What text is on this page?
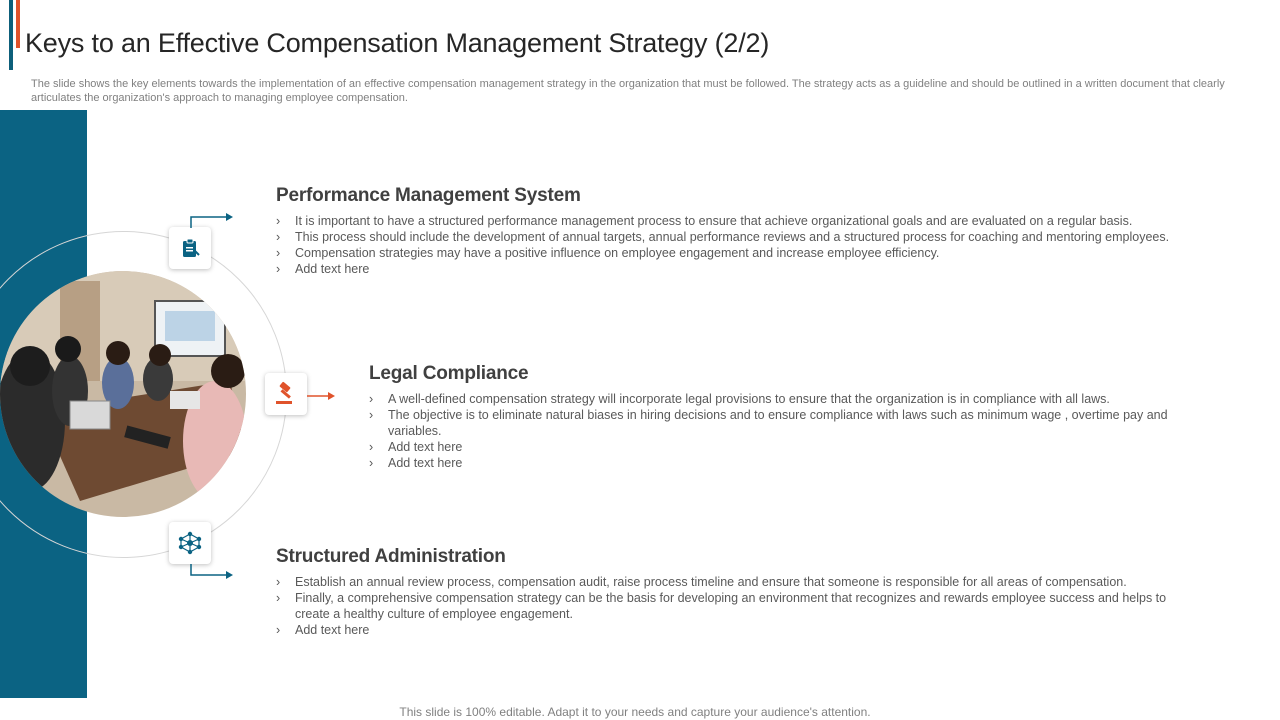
Keys to an Effective Compensation Management Strategy (2/2)
The slide shows the key elements towards the implementation of an effective compensation management strategy in the organization that must be followed. The strategy acts as a guideline and should be outlined in a written document that clearly articulates the organization's approach to managing employee compensation.
Performance Management System
› It is important to have a structured performance management process to ensure that achieve organizational goals and are evaluated on a regular basis.
› This process should include the development of annual targets, annual performance reviews and a structured process for coaching and mentoring employees.
› Compensation strategies may have a positive influence on employee engagement and increase employee efficiency.
› Add text here
Legal Compliance
› A well-defined compensation strategy will incorporate legal provisions to ensure that the organization is in compliance with all laws.
› The objective is to eliminate natural biases in hiring decisions and to ensure compliance with laws such as minimum wage , overtime pay and variables.
› Add text here
› Add text here
Structured Administration
› Establish an annual review process, compensation audit, raise process timeline and ensure that someone is responsible for all areas of compensation.
› Finally, a comprehensive compensation strategy can be the basis for developing an environment that recognizes and rewards employee success and helps to create a healthy culture of employee engagement.
› Add text here
This slide is 100% editable. Adapt it to your needs and capture your audience's attention.
